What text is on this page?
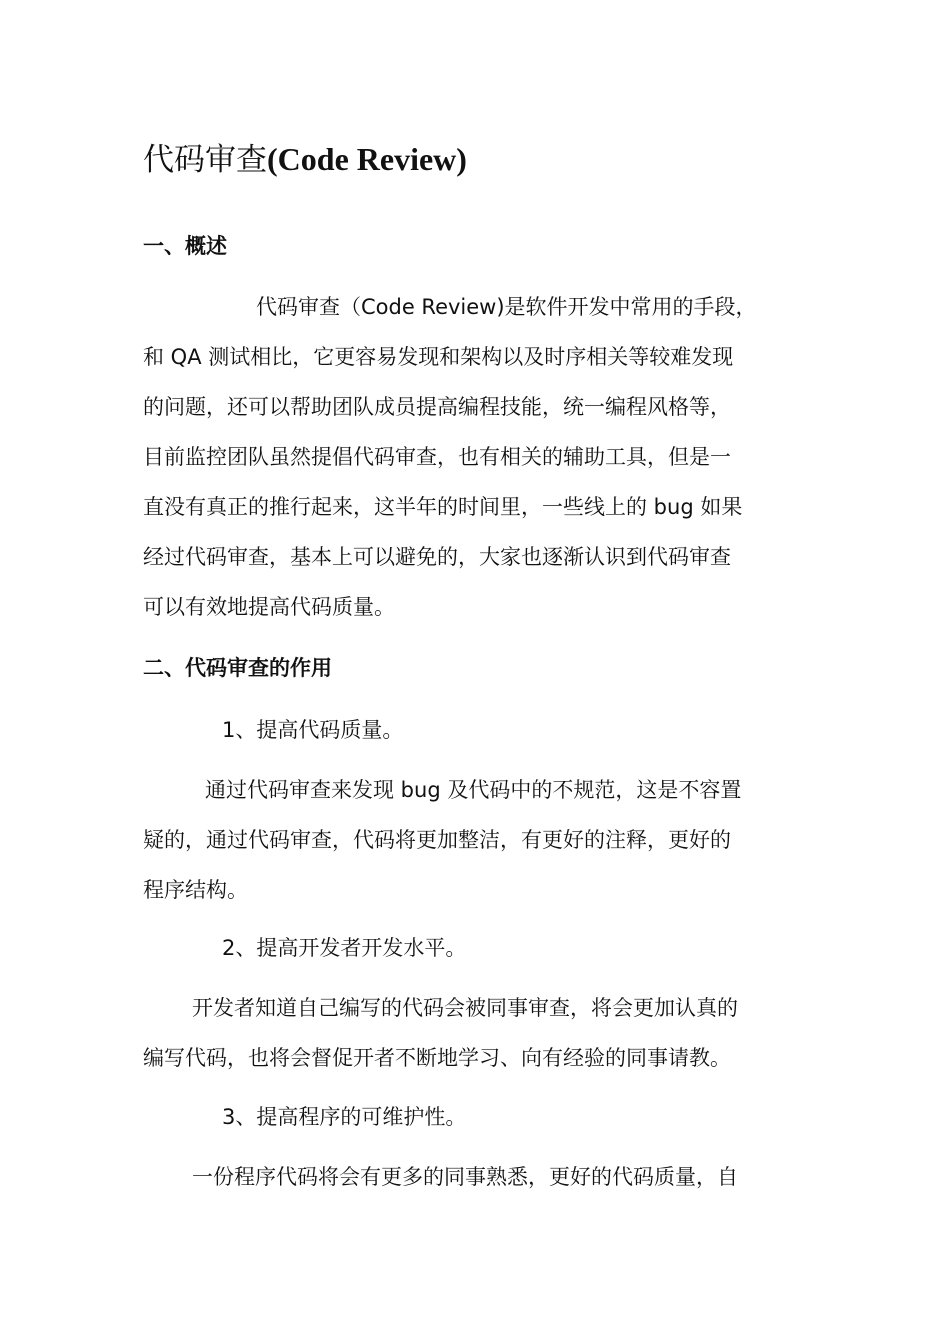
代码审查(Code Review)
一、概述
代码审查（Code Review)是软件开发中常用的手段，
和 QA 测试相比，它更容易发现和架构以及时序相关等较难发现
的问题，还可以帮助团队成员提高编程技能，统一编程风格等，
目前监控团队虽然提倡代码审查，也有相关的辅助工具，但是一
直没有真正的推行起来，这半年的时间里，一些线上的 bug 如果
经过代码审查，基本上可以避免的，大家也逐渐认识到代码审查
可以有效地提高代码质量。
二、代码审查的作用

1、提高代码质量。

通过代码审查来发现 bug 及代码中的不规范，这是不容置
疑的，通过代码审查，代码将更加整洁，有更好的注释，更好的
程序结构。

2、提高开发者开发水平。

开发者知道自己编写的代码会被同事审查，将会更加认真的
编写代码，也将会督促开者不断地学习、向有经验的同事请教。

3、提高程序的可维护性。

一份程序代码将会有更多的同事熟悉，更好的代码质量，自
